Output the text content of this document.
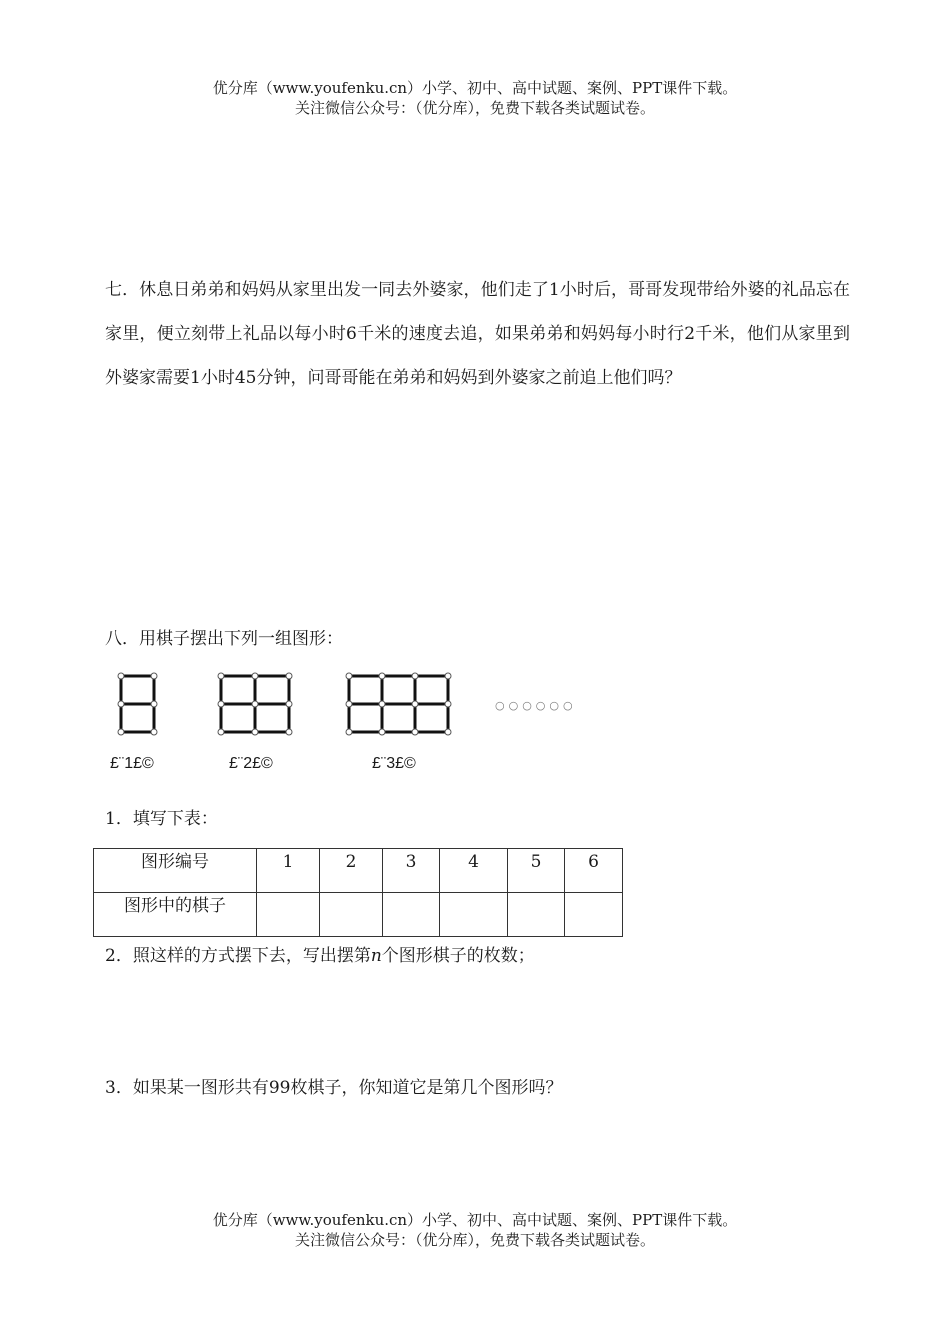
优分库（www.youfenku.cn）小学、初中、高中试题、案例、PPT课件下载。
关注微信公众号：（优分库），免费下载各类试题试卷。
七．休息日弟弟和妈妈从家里出发一同去外婆家，他们走了1小时后，哥哥发现带给外婆的礼品忘在家里，便立刻带上礼品以每小时6千米的速度去追，如果弟弟和妈妈每小时行2千米，他们从家里到外婆家需要1小时45分钟，问哥哥能在弟弟和妈妈到外婆家之前追上他们吗？
八．用棋子摆出下列一组图形：
○○○○○○
£¨1£©	£¨2£©	£¨3£©
1．填写下表：
图形编号	1	2	3	4	5	6
图形中的棋子						
2．照这样的方式摆下去，写出摆第n个图形棋子的枚数；
3．如果某一图形共有99枚棋子，你知道它是第几个图形吗？
优分库（www.youfenku.cn）小学、初中、高中试题、案例、PPT课件下载。
关注微信公众号：（优分库），免费下载各类试题试卷。
